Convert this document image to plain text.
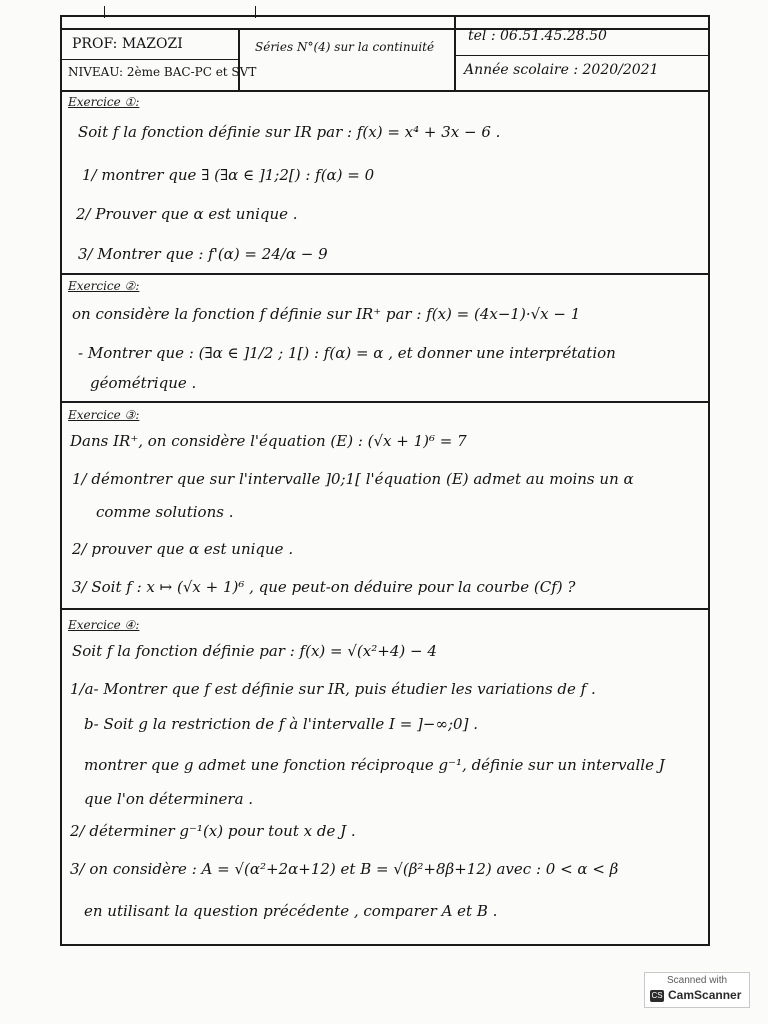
PROF: MAZOZI
NIVEAU: 2ème BAC-PC et SVT
Séries N°(4) sur la continuité
tel : 06.51.45.28.50
Année scolaire : 2020/2021
Exercice ①:
Soit f la fonction définie sur IR par : f(x) = x⁴ + 3x − 6 .
1/ montrer que ∃ (∃α ∈ ]1;2[) : f(α) = 0
2/ Prouver que α est unique .
3/ Montrer que : f'(α) = 24/α − 9
Exercice ②:
on considère la fonction f définie sur IR⁺ par : f(x) = (4x−1)·√x − 1
- Montrer que : (∃α ∈ ]1/2 ; 1[) : f(α) = α , et donner une interprétation
géométrique .
Exercice ③:
Dans IR⁺, on considère l'équation (E) : (√x + 1)⁶ = 7
1/ démontrer que sur l'intervalle ]0;1[ l'équation (E) admet au moins un α
comme solutions .
2/ prouver que α est unique .
3/ Soit f : x ↦ (√x + 1)⁶ , que peut-on déduire pour la courbe (Cf) ?
Exercice ④:
Soit f la fonction définie par : f(x) = √(x²+4) − 4
1/a- Montrer que f est définie sur IR, puis étudier les variations de f .
b- Soit g la restriction de f à l'intervalle I = ]−∞;0] .
montrer que g admet une fonction réciproque g⁻¹, définie sur un intervalle J
que l'on déterminera .
2/ déterminer g⁻¹(x) pour tout x de J .
3/ on considère : A = √(α²+2α+12) et B = √(β²+8β+12) avec : 0 < α < β
en utilisant la question précédente , comparer A et B .
Scanned with
CS CamScanner
